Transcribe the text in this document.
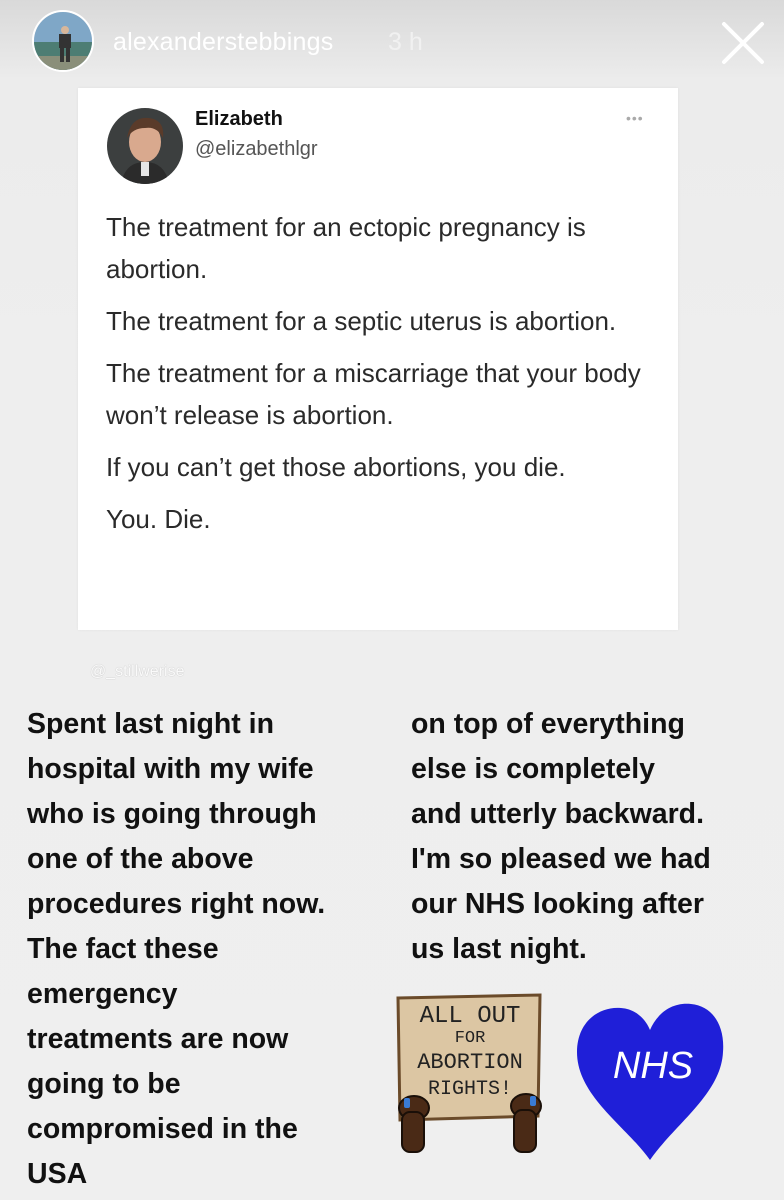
alexanderstebbings 3 h
Elizabeth
@elizabethlgr
•••

The treatment for an ectopic pregnancy is abortion.

The treatment for a septic uterus is abortion.

The treatment for a miscarriage that your body won’t release is abortion.

If you can’t get those abortions, you die.

You. Die.

@_stillwerise
Spent last night in
hospital with my wife
who is going through
one of the above
procedures right now.
The fact these
emergency
treatments are now
going to be
compromised in the
USA
on top of everything
else is completely
and utterly backward.
I'm so pleased we had
our NHS looking after
us last night.
ALL OUT
FOR
ABORTION
RIGHTS!
NHS
